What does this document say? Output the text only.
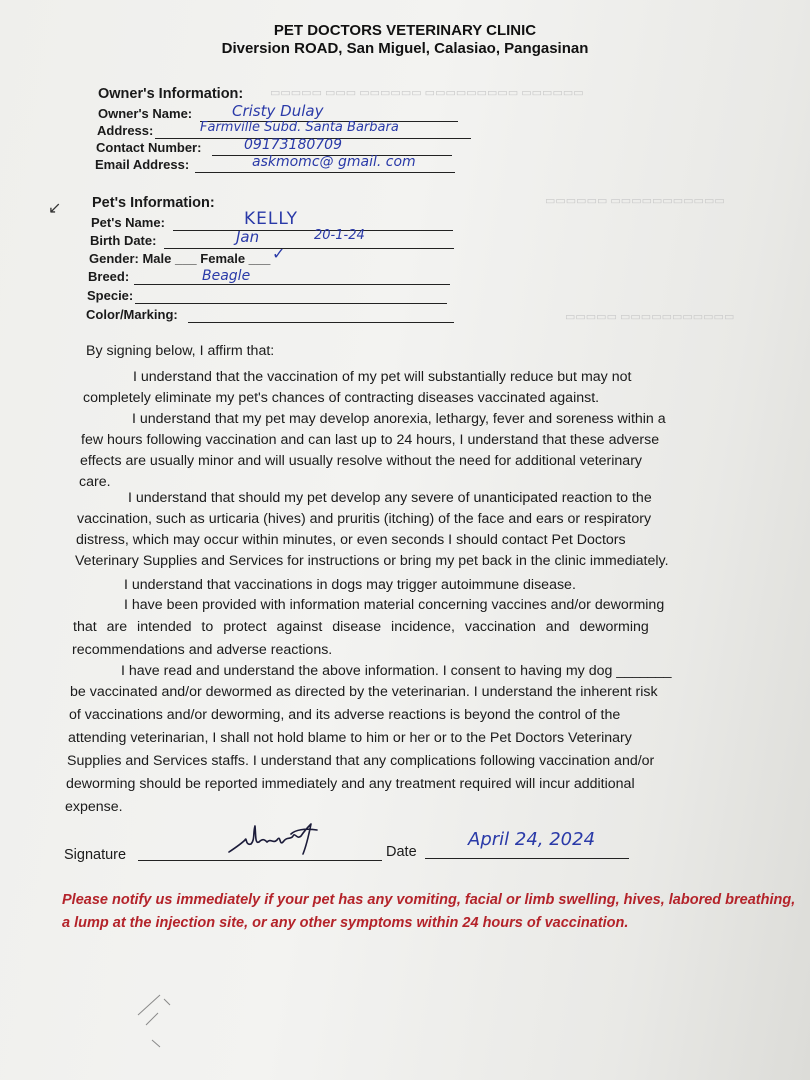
PET DOCTORS VETERINARY CLINIC
Diversion ROAD, San Miguel, Calasiao, Pangasinan
Owner's Information:
Owner's Name:	Cristy Dulay
Address:	Farmville Subd. Santa Barbara
Contact Number:	09173180709
Email Address:	askmomc@ gmail. com
▭▭▭▭▭ ▭▭▭ ▭▭▭▭▭▭ ▭▭▭▭▭▭▭▭▭ ▭▭▭▭▭▭
▭▭▭▭▭▭ ▭▭▭▭▭▭▭▭▭▭▭
▭▭▭▭▭ ▭▭▭▭▭▭▭▭▭▭▭
↙ Pet's Information:
Pet's Name:	KELLY
Birth Date:	Jan	20-1-24
Gender: Male ___ Female ___ ✓
Breed:	Beagle
Specie:
Color/Marking:
By signing below, I affirm that:
I understand that the vaccination of my pet will substantially reduce but may not
completely eliminate my pet's chances of contracting diseases vaccinated against.
I understand that my pet may develop anorexia, lethargy, fever and soreness within a
few hours following vaccination and can last up to 24 hours, I understand that these adverse
effects are usually minor and will usually resolve without the need for additional veterinary
care.
I understand that should my pet develop any severe of unanticipated reaction to the
vaccination, such as urticaria (hives) and pruritis (itching) of the face and ears or respiratory
distress, which may occur within minutes, or even seconds I should contact Pet Doctors
Veterinary Supplies and Services for instructions or bring my pet back in the clinic immediately.
I understand that vaccinations in dogs may trigger autoimmune disease.
I have been provided with information material concerning vaccines and/or deworming
that are intended to protect against disease incidence, vaccination and deworming
recommendations and adverse reactions.
I have read and understand the above information. I consent to having my dog _______
be vaccinated and/or dewormed as directed by the veterinarian. I understand the inherent risk
of vaccinations and/or deworming, and its adverse reactions is beyond the control of the
attending veterinarian, I shall not hold blame to him or her or to the Pet Doctors Veterinary
Supplies and Services staffs. I understand that any complications following vaccination and/or
deworming should be reported immediately and any treatment required will incur additional
expense.
Signature	Date
April 24, 2024
Please notify us immediately if your pet has any vomiting, facial or limb swelling, hives, labored breathing, a lump at the injection site, or any other symptoms within 24 hours of vaccination.
